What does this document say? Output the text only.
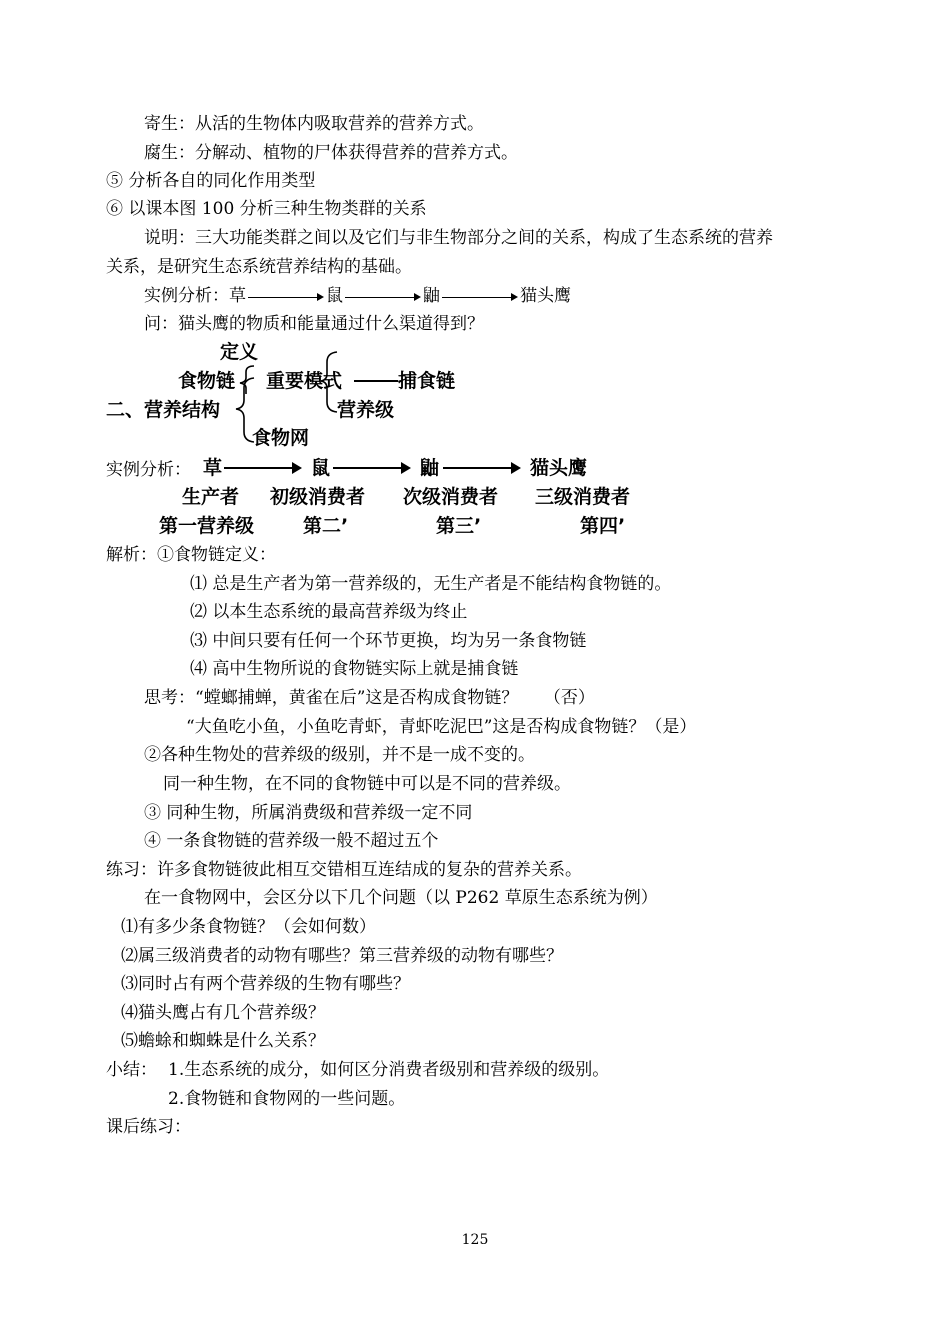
寄生：从活的生物体内吸取营养的营养方式。
腐生：分解动、植物的尸体获得营养的营养方式。
⑤ 分析各自的同化作用类型
⑥ 以课本图 100 分析三种生物类群的关系
说明：三大功能类群之间以及它们与非生物部分之间的关系，构成了生态系统的营养
关系，是研究生态系统营养结构的基础。
实例分析：草	鼠	鼬	猫头鹰
问：猫头鹰的物质和能量通过什么渠道得到？
定义
食物链 重要模式	捕食链
二、营养结构	营养级
食物网
实例分析： 草	鼠	鼬	猫头鹰
生产者 初级消费者 次级消费者 三级消费者
第一营养级	第二’	第三’	第四’
解析：①食物链定义：
⑴ 总是生产者为第一营养级的，无生产者是不能结构食物链的。
⑵ 以本生态系统的最高营养级为终止
⑶ 中间只要有任何一个环节更换，均为另一条食物链
⑷ 高中生物所说的食物链实际上就是捕食链
思考：“螳螂捕蝉，黄雀在后”这是否构成食物链？　　（否）
“大鱼吃小鱼，小鱼吃青虾，青虾吃泥巴”这是否构成食物链？（是）
②各种生物处的营养级的级别，并不是一成不变的。
同一种生物，在不同的食物链中可以是不同的营养级。
③ 同种生物，所属消费级和营养级一定不同
④ 一条食物链的营养级一般不超过五个
练习：许多食物链彼此相互交错相互连结成的复杂的营养关系。
在一食物网中，会区分以下几个问题（以 P262 草原生态系统为例）
⑴有多少条食物链？（会如何数）
⑵属三级消费者的动物有哪些？第三营养级的动物有哪些？
⑶同时占有两个营养级的生物有哪些？
⑷猫头鹰占有几个营养级？
⑸蟾蜍和蜘蛛是什么关系？
小结： 1.生态系统的成分，如何区分消费者级别和营养级的级别。
2.食物链和食物网的一些问题。
课后练习：
125
